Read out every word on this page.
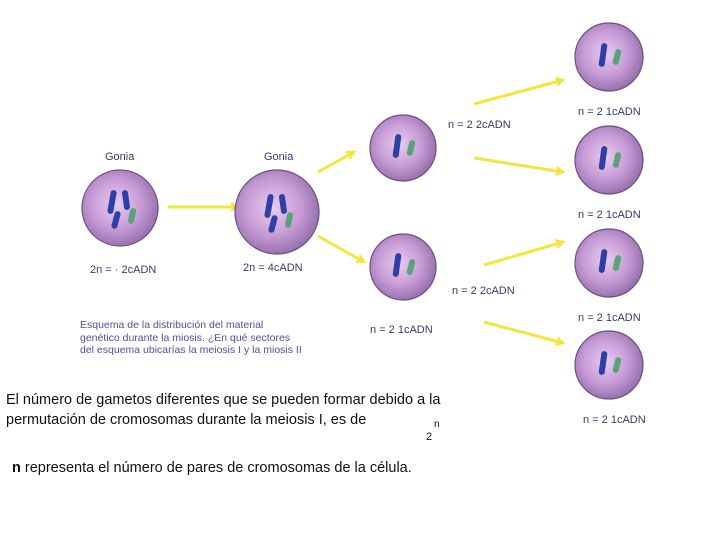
Gonia	Gonia
2n = · 2cADN	2n = 4cADN
n = 2 2cADN
n = 2 2cADN
n = 2 1cADN
n = 2 1cADN
n = 2 1cADN
n = 2 1cADN
n = 2 1cADN
Esquema de la distribución del material
genético durante la miosis. ¿En qué sectores
del esquema ubicarías la meiosis I y la miosis II
El número de gametos diferentes que se pueden formar debido a la
permutación de cromosomas durante la meiosis I, es de
2
n
n representa el número de pares de cromosomas de la célula.
